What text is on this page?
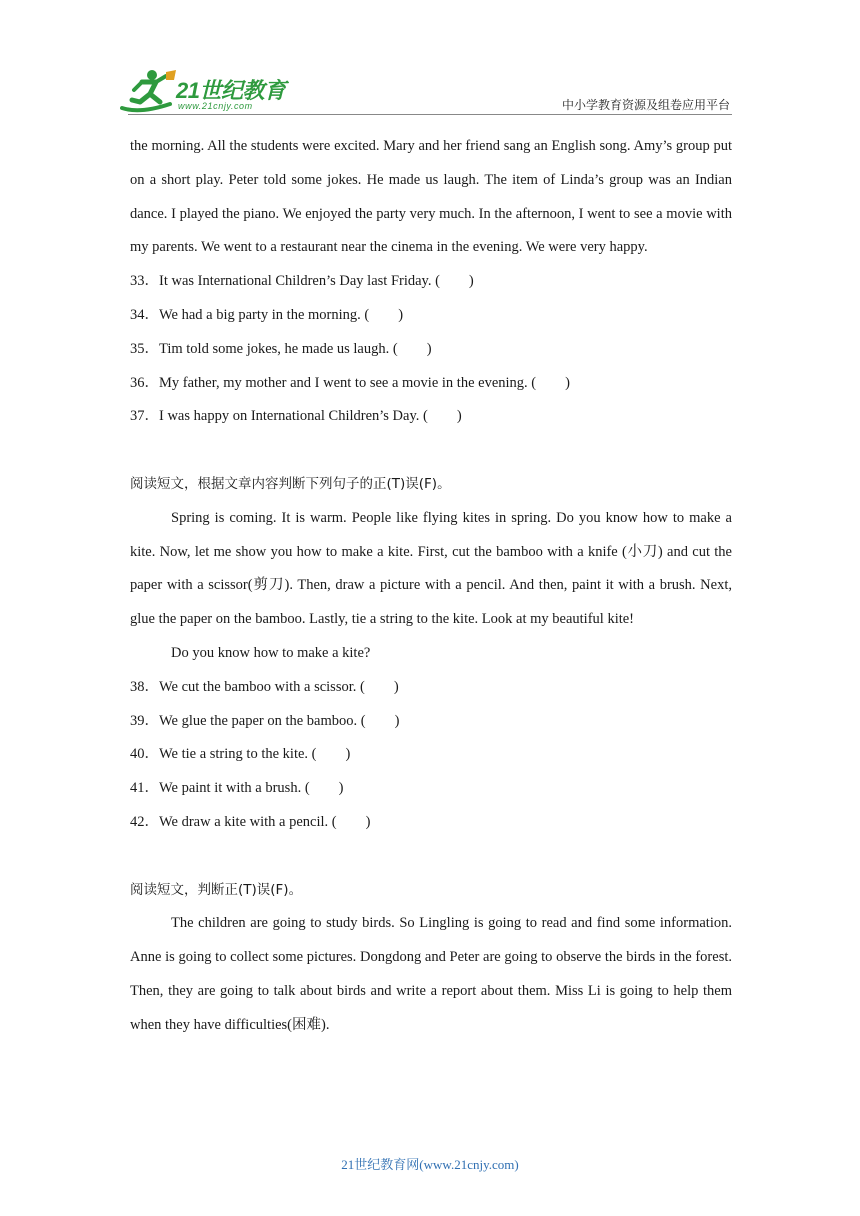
21世纪教育
www.21cnjy.com	中小学教育资源及组卷应用平台

the morning. All the students were excited. Mary and her friend sang an English song. Amy’s group put on a short play. Peter told some jokes. He made us laugh. The item of Linda’s group was an Indian dance. I played the piano. We enjoyed the party very much. In the afternoon, I went to see a movie with my parents. We went to a restaurant near the cinema in the evening. We were very happy.

33．It was International Children’s Day last Friday. (　　)

34．We had a big party in the morning. (　　)

35．Tim told some jokes, he made us laugh. (　　)

36．My father, my mother and I went to see a movie in the evening. (　　)

37．I was happy on International Children’s Day. (　　)

阅读短文，根据文章内容判断下列句子的正(T)误(F)。

Spring is coming. It is warm. People like flying kites in spring. Do you know how to make a kite. Now, let me show you how to make a kite. First, cut the bamboo with a knife (小刀) and cut the paper with a scissor(剪刀). Then, draw a picture with a pencil. And then, paint it with a brush. Next, glue the paper on the bamboo. Lastly, tie a string to the kite. Look at my beautiful kite!

Do you know how to make a kite?

38．We cut the bamboo with a scissor. (　　)

39．We glue the paper on the bamboo. (　　)

40．We tie a string to the kite. (　　)

41．We paint it with a brush. (　　)

42．We draw a kite with a pencil. (　　)

阅读短文，判断正(T)误(F)。

The children are going to study birds. So Lingling is going to read and find some information. Anne is going to collect some pictures. Dongdong and Peter are going to observe the birds in the forest. Then, they are going to talk about birds and write a report about them. Miss Li is going to help them when they have difficulties(困难).

21世纪教育网(www.21cnjy.com)
